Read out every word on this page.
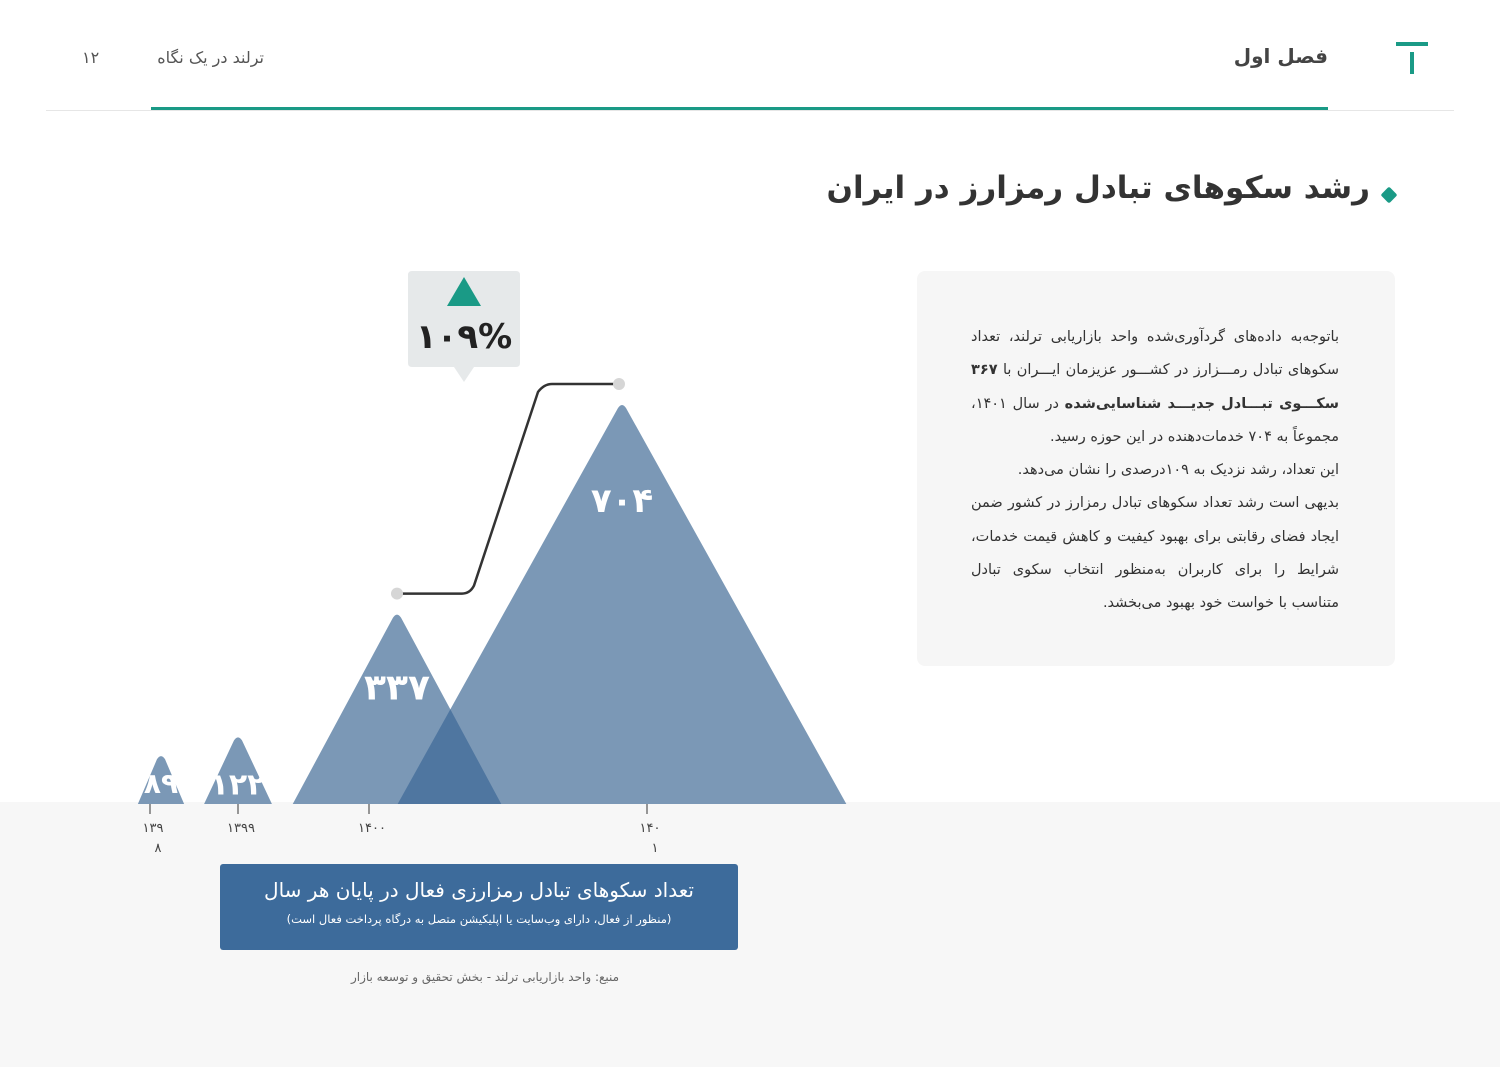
فصل اول
ترلند در یک نگاه
۱۲
رشد سکوهای تبادل رمزارز در ایران
باتوجه‌به داده‌های گردآوری‌شده واحد بازاریابی ترلند، تعداد سکوهای تبادل رمـــزارز در کشـــور عزیزمان ایـــران با ۳۶۷ سکـــوی تبـــادل جدیـــد شناسایی‌شده در سال ۱۴۰۱، مجموعاً به ۷۰۴ خدمات‌دهنده در این حوزه رسید.
این تعداد، رشد نزدیک به ۱۰۹درصدی را نشان می‌دهد.
بدیهی است رشد تعداد سکوهای تبادل رمزارز در کشور ضمن ایجاد فضای رقابتی برای بهبود کیفیت و کاهش قیمت خدمات، شرایط را برای کاربران به‌منظور انتخاب سکوی تبادل متناسب با خواست خود بهبود می‌بخشد.
۸۹ ۱۲۲
۳۳۷
۷۰۴
۱۳۹
۸
۱۳۹۹	۱۴۰۰	۱۴۰
۱
۱۰۹%
تعداد سکوهای تبادل رمزارزی فعال در پایان هر سال
(منظور از فعال، دارای وب‌سایت یا اپلیکیشن متصل به درگاه پرداخت فعال است)
منبع: واحد بازاریابی ترلند - بخش تحقیق و توسعه بازار
